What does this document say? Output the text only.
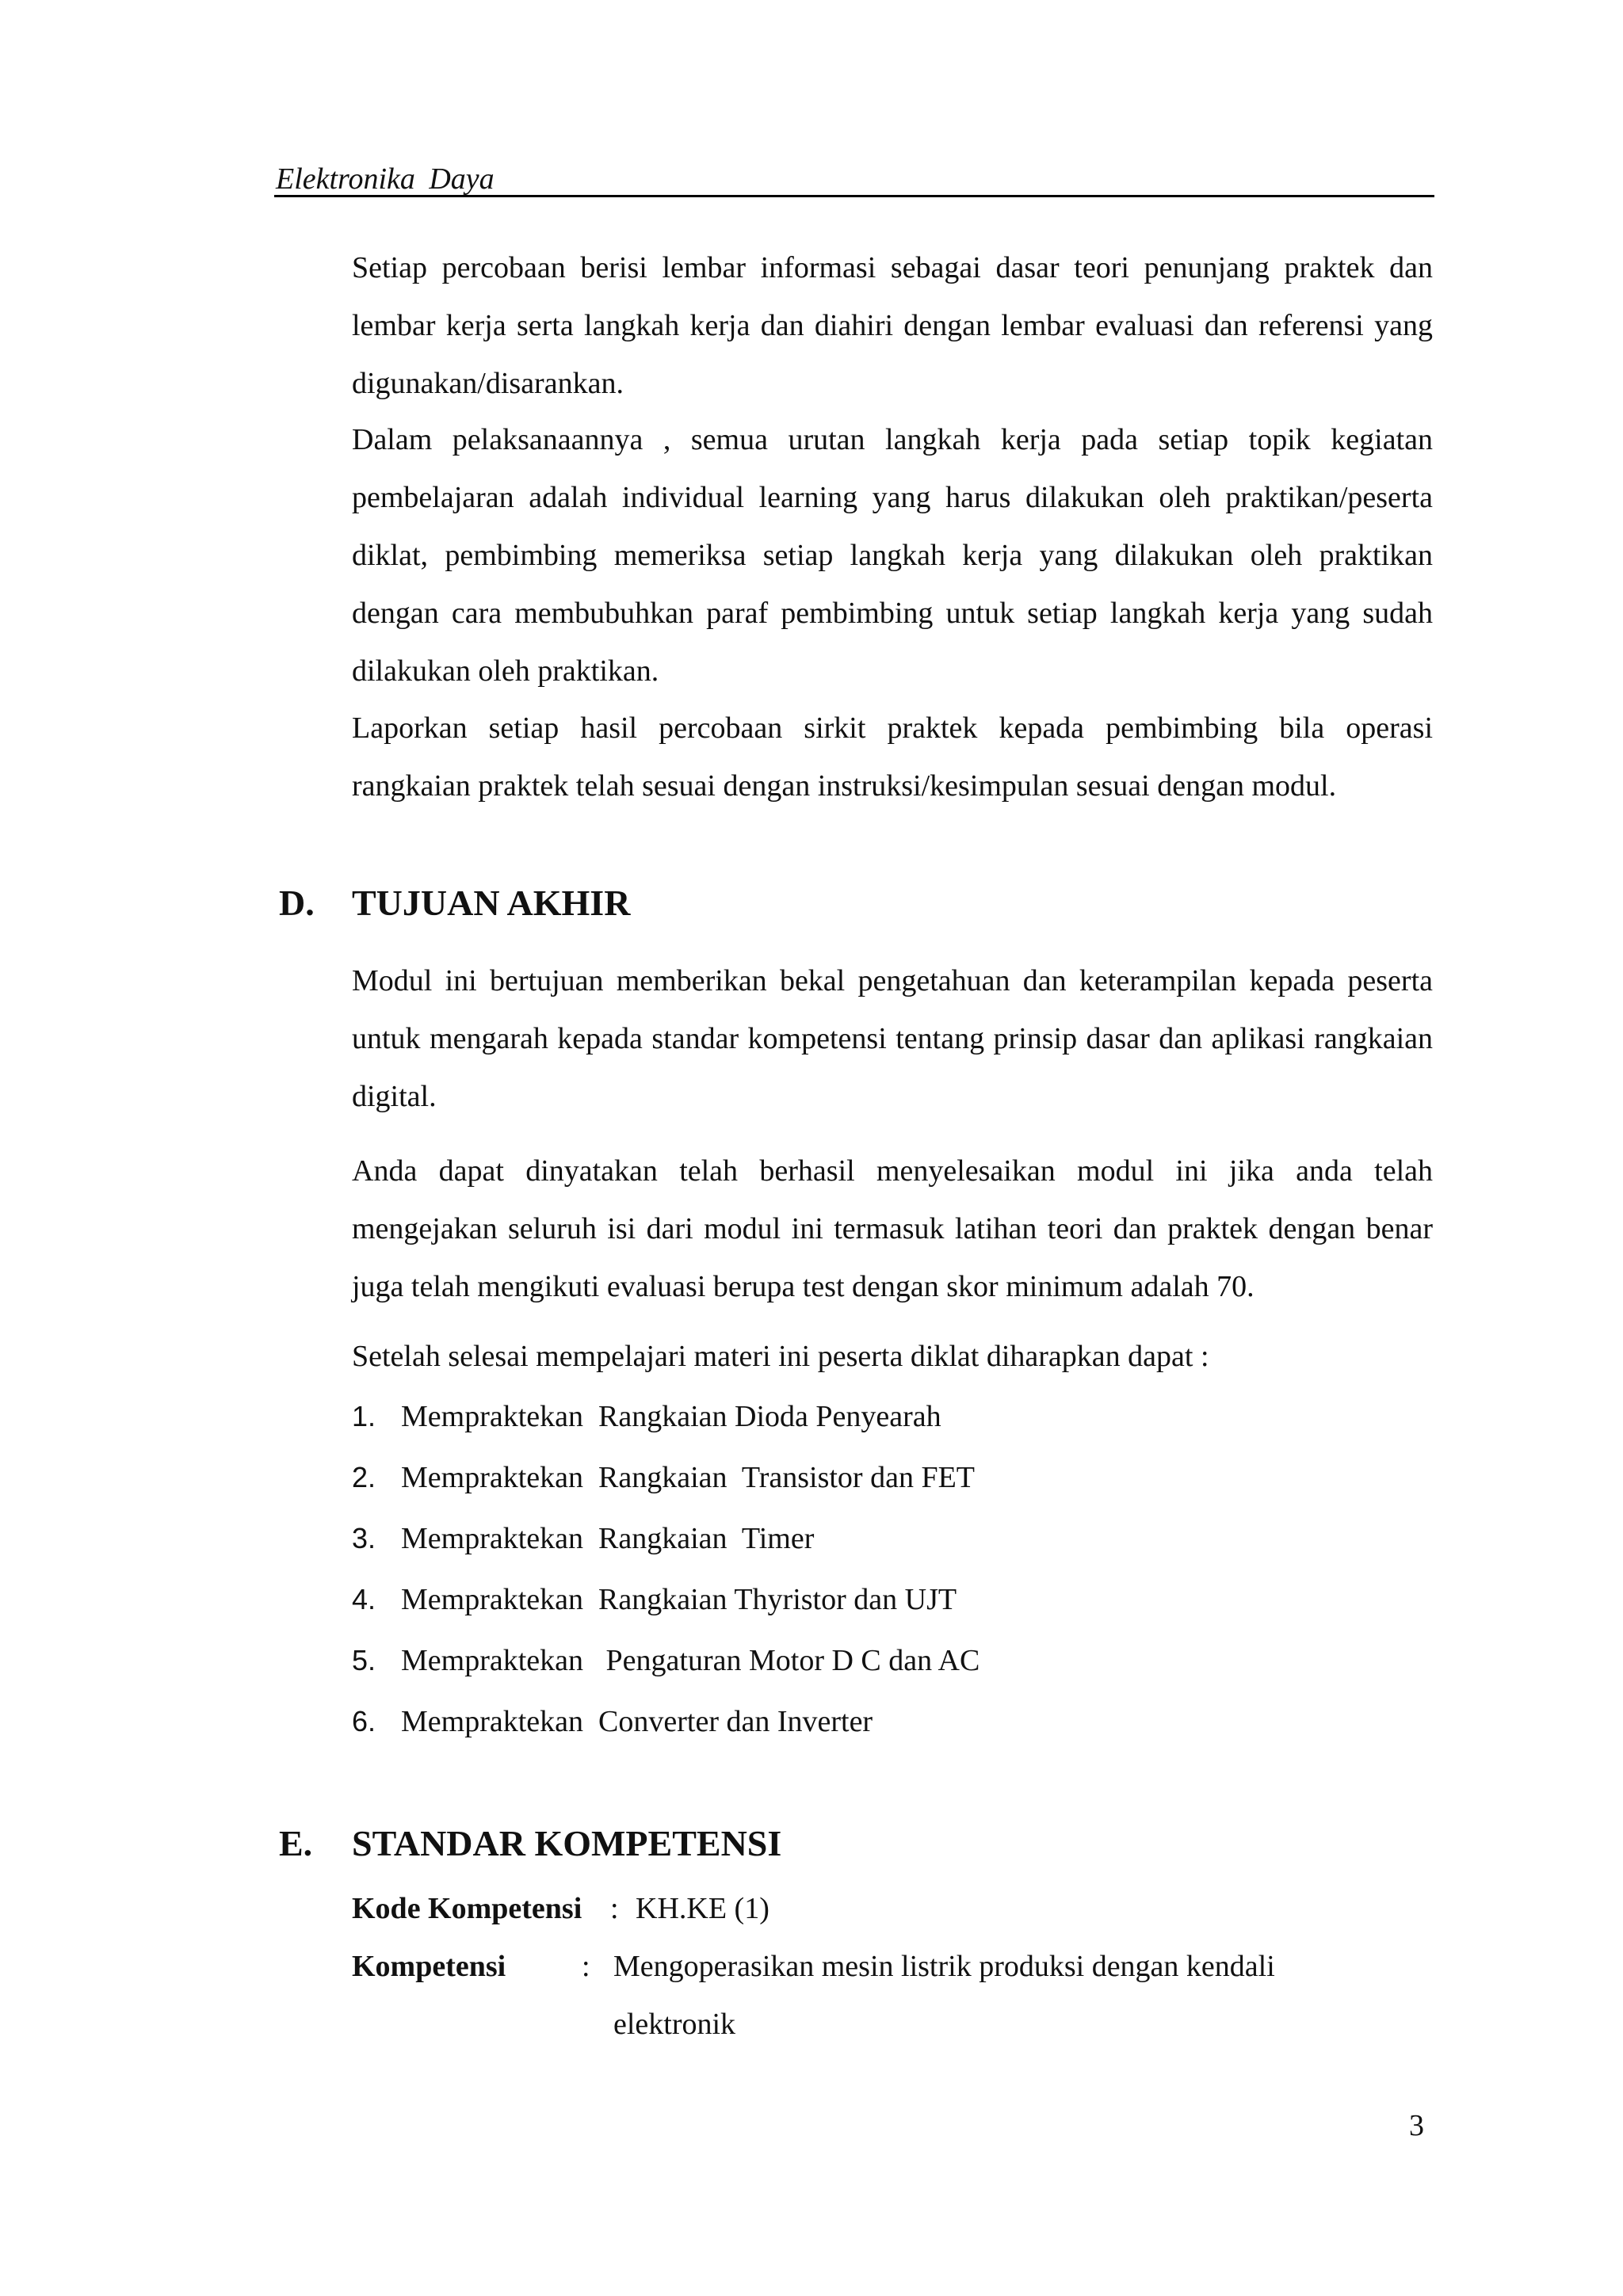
Elektronika Daya

Setiap percobaan berisi lembar informasi sebagai dasar teori penunjang praktek dan lembar kerja serta langkah kerja dan diahiri dengan lembar evaluasi dan referensi yang digunakan/disarankan.

Dalam pelaksanaannya , semua urutan langkah kerja pada setiap topik kegiatan pembelajaran adalah individual learning yang harus dilakukan oleh praktikan/peserta diklat, pembimbing memeriksa setiap langkah kerja yang dilakukan oleh praktikan dengan cara membubuhkan paraf pembimbing untuk setiap langkah kerja yang sudah dilakukan oleh praktikan.

Laporkan setiap hasil percobaan sirkit praktek kepada pembimbing bila operasi rangkaian praktek telah sesuai dengan instruksi/kesimpulan sesuai dengan modul.

D. TUJUAN AKHIR

Modul ini bertujuan memberikan bekal pengetahuan dan keterampilan kepada peserta untuk mengarah kepada standar kompetensi tentang prinsip dasar dan aplikasi rangkaian digital.

Anda dapat dinyatakan telah berhasil menyelesaikan modul ini jika anda telah mengejakan seluruh isi dari modul ini termasuk latihan teori dan praktek dengan benar juga telah mengikuti evaluasi berupa test dengan skor minimum adalah 70.

Setelah selesai mempelajari materi ini peserta diklat diharapkan dapat :

1. Mempraktekan  Rangkaian Dioda Penyearah
2. Mempraktekan  Rangkaian  Transistor dan FET
3. Mempraktekan  Rangkaian  Timer
4. Mempraktekan  Rangkaian Thyristor dan UJT
5. Mempraktekan   Pengaturan Motor D C dan AC
6. Mempraktekan  Converter dan Inverter
E. STANDAR KOMPETENSI
Kode Kompetensi : KH.KE (1)
Kompetensi	: Mengoperasikan mesin listrik produksi dengan kendali elektronik
3
